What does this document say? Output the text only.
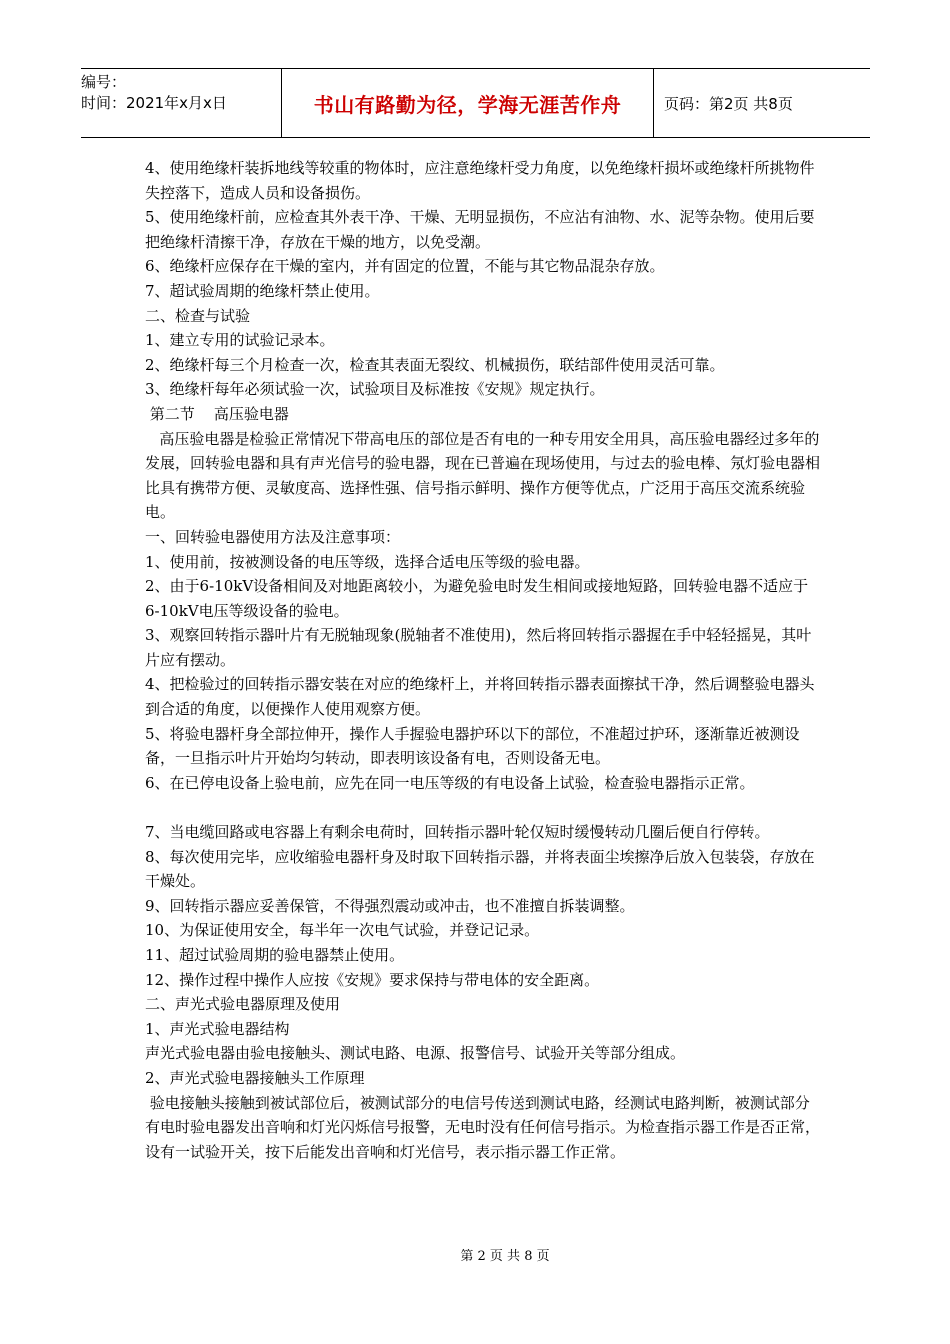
编号：
时间：2021年x月x日	书山有路勤为径，学海无涯苦作舟	页码：第2页 共8页

4、使用绝缘杆装拆地线等较重的物体时，应注意绝缘杆受力角度，以免绝缘杆损坏或绝缘杆所挑物件失控落下，造成人员和设备损伤。

5、使用绝缘杆前，应检查其外表干净、干燥、无明显损伤，不应沾有油物、水、泥等杂物。使用后要把绝缘杆清擦干净，存放在干燥的地方，以免受潮。

6、绝缘杆应保存在干燥的室内，并有固定的位置，不能与其它物品混杂存放。

7、超试验周期的绝缘杆禁止使用。

二、检查与试验

1、建立专用的试验记录本。

2、绝缘杆每三个月检查一次，检查其表面无裂纹、机械损伤，联结部件使用灵活可靠。

3、绝缘杆每年必须试验一次，试验项目及标准按《安规》规定执行。

第二节    高压验电器

高压验电器是检验正常情况下带高电压的部位是否有电的一种专用安全用具，高压验电器经过多年的发展，回转验电器和具有声光信号的验电器，现在已普遍在现场使用，与过去的验电棒、氖灯验电器相比具有携带方便、灵敏度高、选择性强、信号指示鲜明、操作方便等优点，广泛用于高压交流系统验电。

一、回转验电器使用方法及注意事项：

1、使用前，按被测设备的电压等级，选择合适电压等级的验电器。

2、由于6-10kV设备相间及对地距离较小，为避免验电时发生相间或接地短路，回转验电器不适应于6-10kV电压等级设备的验电。

3、观察回转指示器叶片有无脱轴现象(脱轴者不准使用)，然后将回转指示器握在手中轻轻摇晃，其叶片应有摆动。

4、把检验过的回转指示器安装在对应的绝缘杆上，并将回转指示器表面擦拭干净，然后调整验电器头到合适的角度，以便操作人使用观察方便。

5、将验电器杆身全部拉伸开，操作人手握验电器护环以下的部位，不准超过护环，逐渐靠近被测设备，一旦指示叶片开始均匀转动，即表明该设备有电，否则设备无电。

6、在已停电设备上验电前，应先在同一电压等级的有电设备上试验，检查验电器指示正常。

7、当电缆回路或电容器上有剩余电荷时，回转指示器叶轮仅短时缓慢转动几圈后便自行停转。

8、每次使用完毕，应收缩验电器杆身及时取下回转指示器，并将表面尘埃擦净后放入包装袋，存放在干燥处。

9、回转指示器应妥善保管，不得强烈震动或冲击，也不准擅自拆装调整。

10、为保证使用安全，每半年一次电气试验，并登记记录。

11、超过试验周期的验电器禁止使用。

12、操作过程中操作人应按《安规》要求保持与带电体的安全距离。

二、声光式验电器原理及使用

1、声光式验电器结构

声光式验电器由验电接触头、测试电路、电源、报警信号、试验开关等部分组成。

2、声光式验电器接触头工作原理

验电接触头接触到被试部位后，被测试部分的电信号传送到测试电路，经测试电路判断，被测试部分有电时验电器发出音响和灯光闪烁信号报警，无电时没有任何信号指示。为检查指示器工作是否正常，设有一试验开关，按下后能发出音响和灯光信号，表示指示器工作正常。

第 2 页 共 8 页
